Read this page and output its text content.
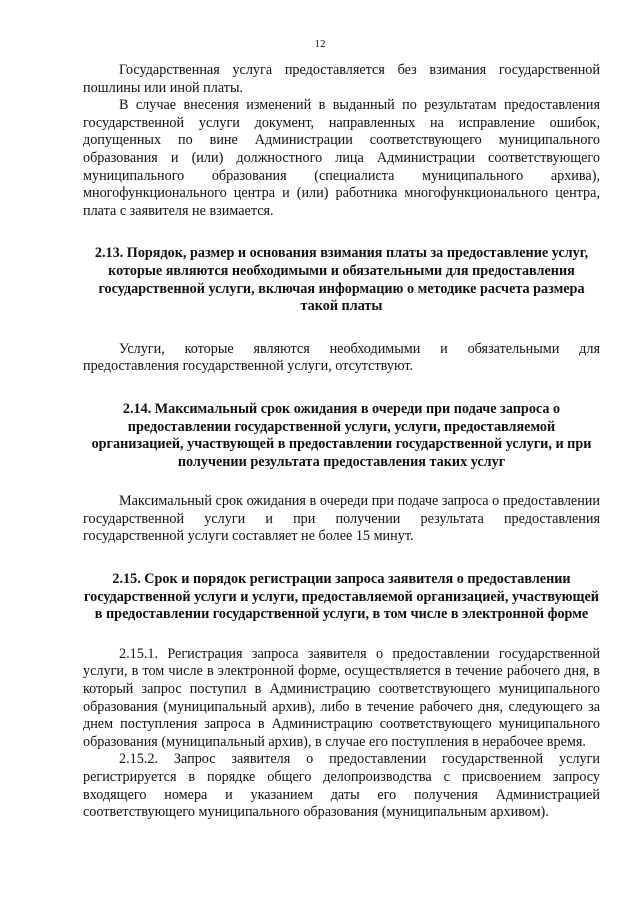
12

Государственная услуга предоставляется без взимания государственной пошлины или иной платы.

В случае внесения изменений в выданный по результатам предоставления государственной услуги документ, направленных на исправление ошибок, допущенных по вине Администрации соответствующего муниципального образования и (или) должностного лица Администрации соответствующего муниципального образования (специалиста муниципального архива), многофункционального центра и (или) работника многофункционального центра, плата с заявителя не взимается.

2.13. Порядок, размер и основания взимания платы за предоставление услуг, которые являются необходимыми и обязательными для предоставления государственной услуги, включая информацию о методике расчета размера такой платы

Услуги, которые являются необходимыми и обязательными для предоставления государственной услуги, отсутствуют.

2.14. Максимальный срок ожидания в очереди при подаче запроса о предоставлении государственной услуги, услуги, предоставляемой организацией, участвующей в предоставлении государственной услуги, и при получении результата предоставления таких услуг

Максимальный срок ожидания в очереди при подаче запроса о предоставлении государственной услуги и при получении результата предоставления государственной услуги составляет не более 15 минут.

2.15. Срок и порядок регистрации запроса заявителя о предоставлении государственной услуги и услуги, предоставляемой организацией, участвующей в предоставлении государственной услуги, в том числе в электронной форме

2.15.1. Регистрация запроса заявителя о предоставлении государственной услуги, в том числе в электронной форме, осуществляется в течение рабочего дня, в который запрос поступил в Администрацию соответствующего муниципального образования (муниципальный архив), либо в течение рабочего дня, следующего за днем поступления запроса в Администрацию соответствующего муниципального образования (муниципальный архив), в случае его поступления в нерабочее время.

2.15.2. Запрос заявителя о предоставлении государственной услуги регистрируется в порядке общего делопроизводства с присвоением запросу входящего номера и указанием даты его получения Администрацией соответствующего муниципального образования (муниципальным архивом).
